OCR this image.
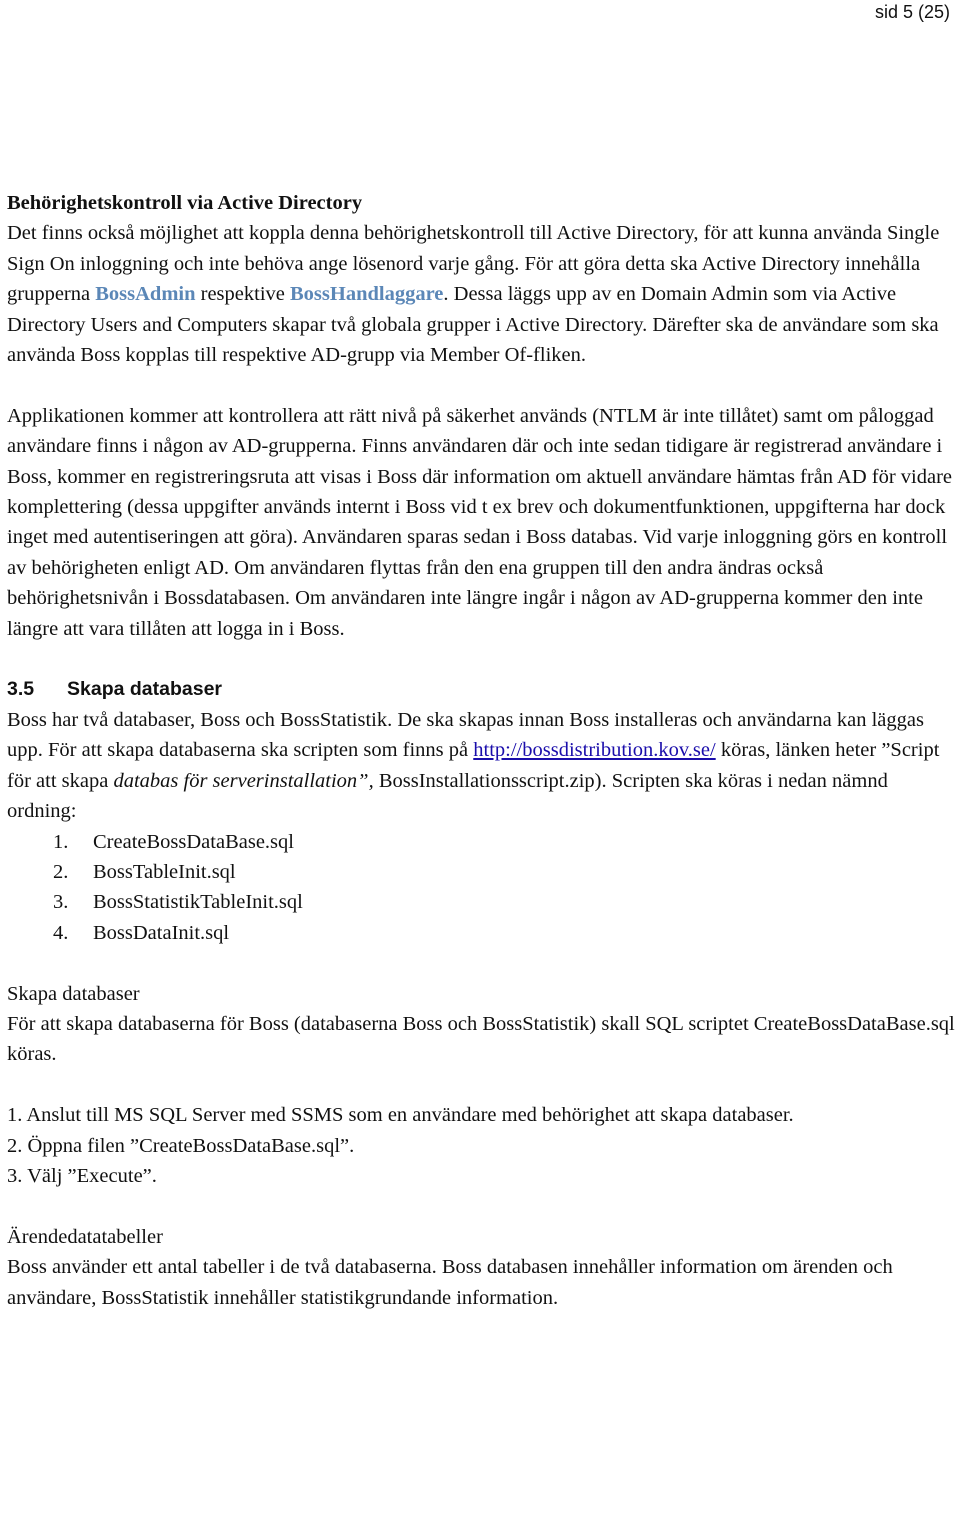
sid 5 (25)
Behörighetskontroll via Active Directory

Det finns också möjlighet att koppla denna behörighetskontroll till Active Directory, för att kunna använda Single Sign On inloggning och inte behöva ange lösenord varje gång. För att göra detta ska Active Directory innehålla grupperna BossAdmin respektive BossHandlaggare. Dessa läggs upp av en Domain Admin som via Active Directory Users and Computers skapar två globala grupper i Active Directory. Därefter ska de användare som ska använda Boss kopplas till respektive AD-grupp via Member Of-fliken.

Applikationen kommer att kontrollera att rätt nivå på säkerhet används (NTLM är inte tillåtet) samt om påloggad användare finns i någon av AD-grupperna. Finns användaren där och inte sedan tidigare är registrerad användare i Boss, kommer en registreringsruta att visas i Boss där information om aktuell användare hämtas från AD för vidare komplettering (dessa uppgifter används internt i Boss vid t ex brev och dokumentfunktionen, uppgifterna har dock inget med autentiseringen att göra). Användaren sparas sedan i Boss databas. Vid varje inloggning görs en kontroll av behörigheten enligt AD. Om användaren flyttas från den ena gruppen till den andra ändras också behörighetsnivån i Bossdatabasen. Om användaren inte längre ingår i någon av AD-grupperna kommer den inte längre att vara tillåten att logga in i Boss.

3.5 Skapa databaser

Boss har två databaser, Boss och BossStatistik. De ska skapas innan Boss installeras och användarna kan läggas upp. För att skapa databaserna ska scripten som finns på http://bossdistribution.kov.se/ köras, länken heter ”Script för att skapa databas för serverinstallation”, BossInstallationsscript.zip). Scripten ska köras i nedan nämnd ordning:

1. CreateBossDataBase.sql
2. BossTableInit.sql
3. BossStatistikTableInit.sql
4. BossDataInit.sql
Skapa databaser

För att skapa databaserna för Boss (databaserna Boss och BossStatistik) skall SQL scriptet CreateBossDataBase.sql köras.

1. Anslut till MS SQL Server med SSMS som en användare med behörighet att skapa databaser.
2. Öppna filen ”CreateBossDataBase.sql”.
3. Välj ”Execute”.
Ärendedatatabeller

Boss använder ett antal tabeller i de två databaserna. Boss databasen innehåller information om ärenden och användare, BossStatistik innehåller statistikgrundande information.
